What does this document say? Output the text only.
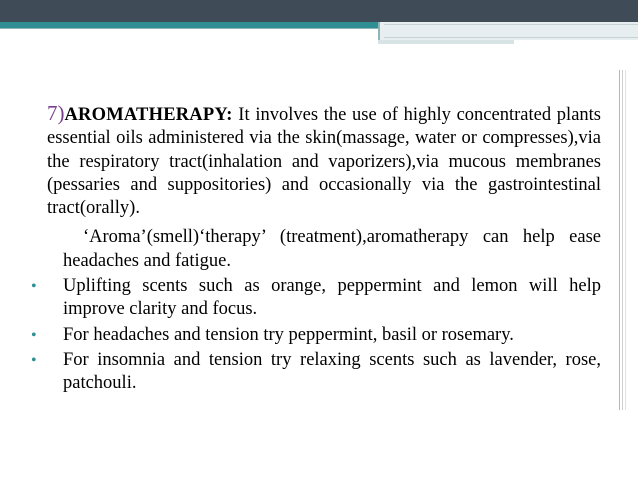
7)AROMATHERAPY: It involves the use of highly concentrated plants essential oils administered via the skin(massage, water or compresses),via the respiratory tract(inhalation and vaporizers),via mucous membranes (pessaries and suppositories) and occasionally via the gastrointestinal tract(orally).
‘Aroma’(smell)‘therapy’ (treatment),aromatherapy can help ease headaches and fatigue.
• Uplifting scents such as orange, peppermint and lemon will help improve clarity and focus.
• For headaches and tension try peppermint, basil or rosemary.
• For insomnia and tension try relaxing scents such as lavender, rose, patchouli.
